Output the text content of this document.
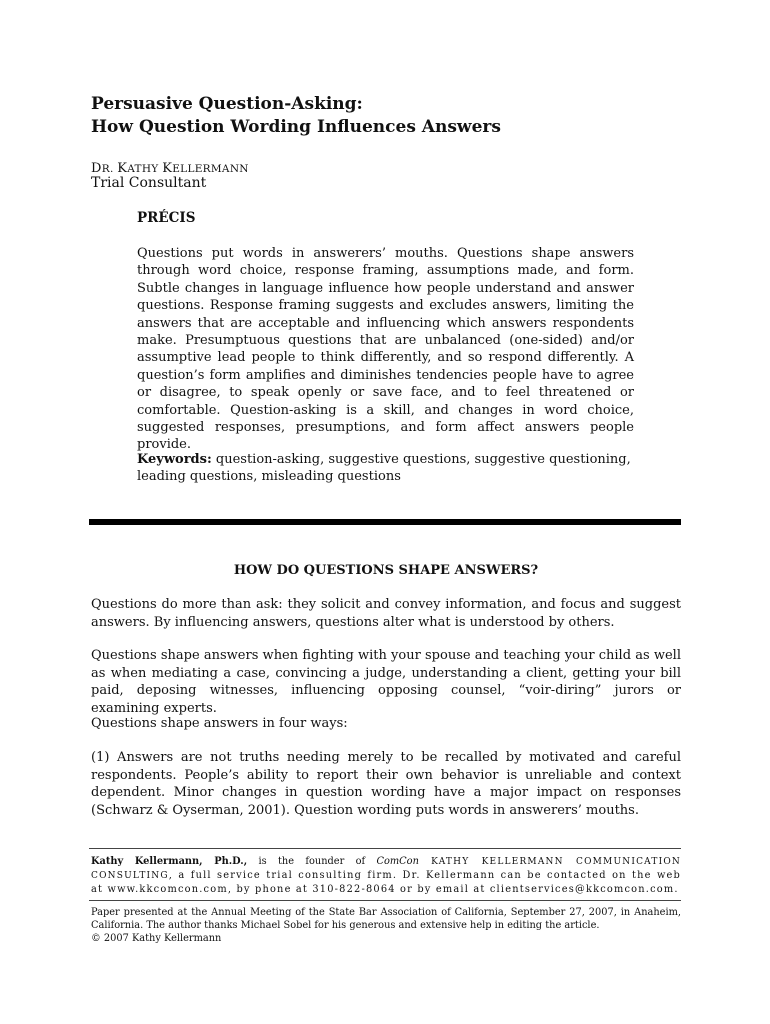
Persuasive Question-Asking:
How Question Wording Influences Answers
DR. KATHY KELLERMANN
Trial Consultant
PRÉCIS

Questions put words in answerers’ mouths. Questions shape answers through word choice, response framing, assumptions made, and form. Subtle changes in language influence how people understand and answer questions. Response framing suggests and excludes answers, limiting the answers that are acceptable and influencing which answers respondents make. Presumptuous questions that are unbalanced (one-sided) and/or assumptive lead people to think differently, and so respond differently. A question’s form amplifies and diminishes tendencies people have to agree or disagree, to speak openly or save face, and to feel threatened or comfortable. Question-asking is a skill, and changes in word choice, suggested responses, presumptions, and form affect answers people provide.

Keywords: question-asking, suggestive questions, suggestive questioning, leading questions, misleading questions

HOW DO QUESTIONS SHAPE ANSWERS?

Questions do more than ask: they solicit and convey information, and focus and suggest answers. By influencing answers, questions alter what is understood by others.

Questions shape answers when fighting with your spouse and teaching your child as well as when mediating a case, convincing a judge, understanding a client, getting your bill paid, deposing witnesses, influencing opposing counsel, “voir-diring” jurors or examining experts.

Questions shape answers in four ways:

(1) Answers are not truths needing merely to be recalled by motivated and careful respondents. People’s ability to report their own behavior is unreliable and context dependent. Minor changes in question wording have a major impact on responses (Schwarz & Oyserman, 2001). Question wording puts words in answerers’ mouths.

Kathy Kellermann, Ph.D., is the founder of ComCon KATHY KELLERMANN COMMUNICATION CONSULTING, a full service trial consulting firm. Dr. Kellermann can be contacted on the web at www.kkcomcon.com, by phone at 310-822-8064 or by email at clientservices@kkcomcon.com.

Paper presented at the Annual Meeting of the State Bar Association of California, September 27, 2007, in Anaheim, California. The author thanks Michael Sobel for his generous and extensive help in editing the article.

© 2007 Kathy Kellermann
